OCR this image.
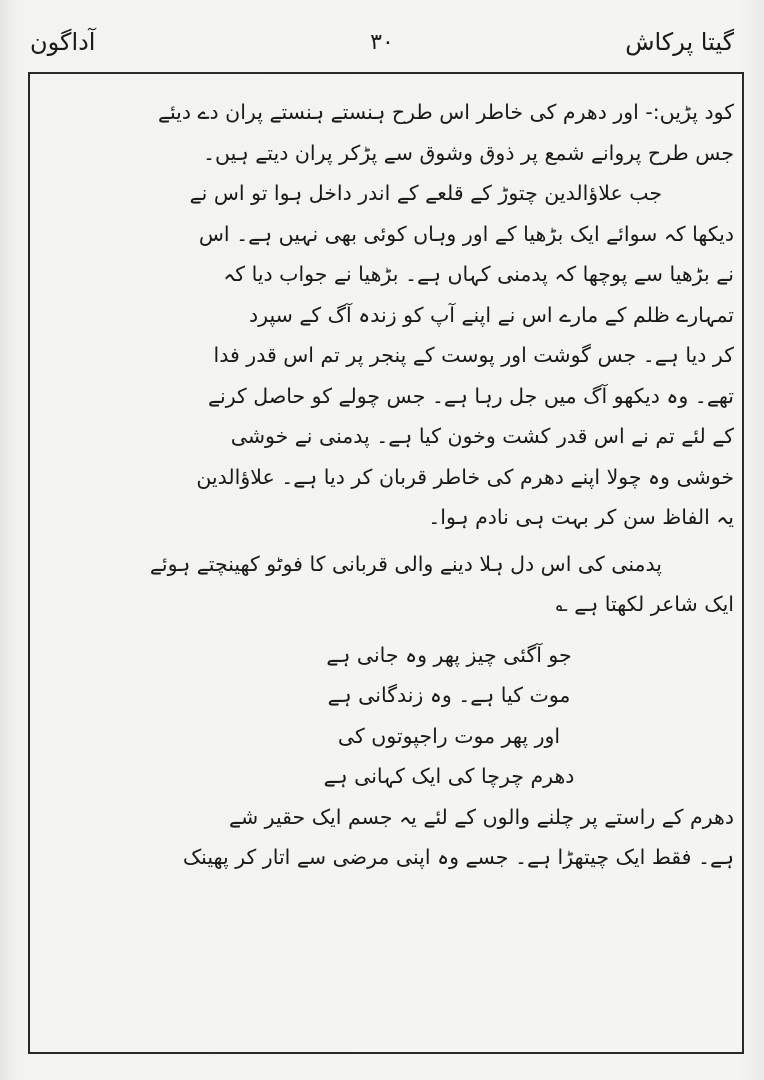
گیتا پرکاش
۳۰
آداگون
کود پڑیں:- اور دھرم کی خاطر اس طرح ہنستے ہنستے پران دے دیئے
جس طرح پروانے شمع پر ذوق وشوق سے پڑکر پران دیتے ہیں۔
جب علاؤالدین چتوڑ کے قلعے کے اندر داخل ہوا تو اس نے
دیکھا کہ سوائے ایک بڑھیا کے اور وہاں کوئی بھی نہیں ہے۔ اس
نے بڑھیا سے پوچھا کہ پدمنی کہاں ہے۔ بڑھیا نے جواب دیا کہ
تمہارے ظلم کے مارے اس نے اپنے آپ کو زندہ آگ کے سپرد
کر دیا ہے۔ جس گوشت اور پوست کے پنجر پر تم اس قدر فدا
تھے۔ وہ دیکھو آگ میں جل رہا ہے۔ جس چولے کو حاصل کرنے
کے لئے تم نے اس قدر کشت وخون کیا ہے۔ پدمنی نے خوشی
خوشی وہ چولا اپنے دھرم کی خاطر قربان کر دیا ہے۔ علاؤالدین
یہ الفاظ سن کر بہت ہی نادم ہوا۔
پدمنی کی اس دل ہلا دینے والی قربانی کا فوٹو کھینچتے ہوئے
ایک شاعر لکھتا ہے ؎
جو آگئی چیز پھر وہ جانی ہے
موت کیا ہے۔ وہ زندگانی ہے
اور پھر موت راجپوتوں کی
دھرم چرچا کی ایک کہانی ہے
دھرم کے راستے پر چلنے والوں کے لئے یہ جسم ایک حقیر شے
ہے۔ فقط ایک چیتھڑا ہے۔ جسے وہ اپنی مرضی سے اتار کر پھینک
